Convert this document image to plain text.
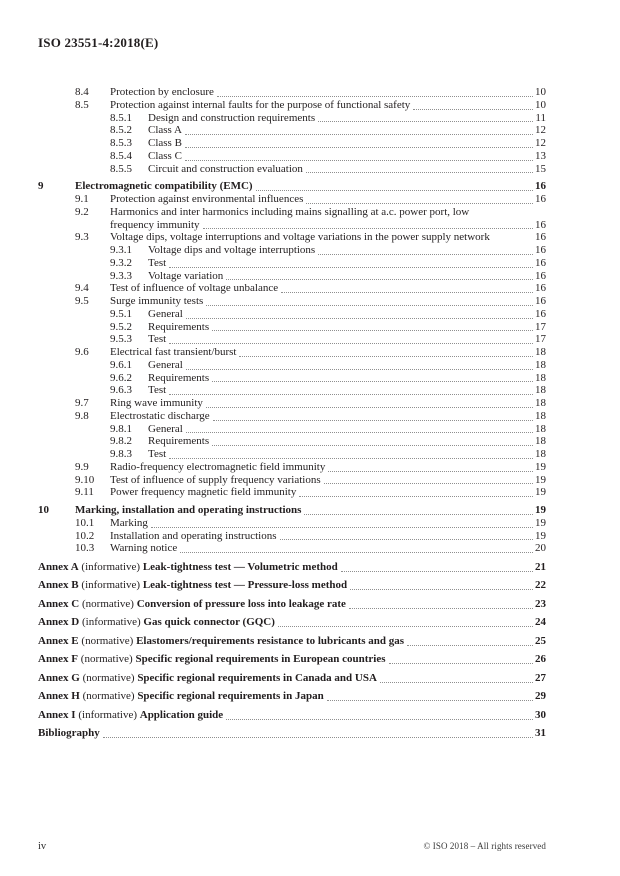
ISO 23551-4:2018(E)
8.4	Protection by enclosure	10
8.5	Protection against internal faults for the purpose of functional safety	10
8.5.1	Design and construction requirements	11
8.5.2	Class A	12
8.5.3	Class B	12
8.5.4	Class C	13
8.5.5	Circuit and construction evaluation	15
9	Electromagnetic compatibility (EMC)	16
9.1	Protection against environmental influences	16
9.2	Harmonics and inter harmonics including mains signalling at a.c. power port, low
frequency immunity	16
9.3	Voltage dips, voltage interruptions and voltage variations in the power supply network	16
9.3.1	Voltage dips and voltage interruptions	16
9.3.2	Test	16
9.3.3	Voltage variation	16
9.4	Test of influence of voltage unbalance	16
9.5	Surge immunity tests	16
9.5.1	General	16
9.5.2	Requirements	17
9.5.3	Test	17
9.6	Electrical fast transient/burst	18
9.6.1	General	18
9.6.2	Requirements	18
9.6.3	Test	18
9.7	Ring wave immunity	18
9.8	Electrostatic discharge	18
9.8.1	General	18
9.8.2	Requirements	18
9.8.3	Test	18
9.9	Radio-frequency electromagnetic field immunity	19
9.10	Test of influence of supply frequency variations	19
9.11	Power frequency magnetic field immunity	19
10	Marking, installation and operating instructions	19
10.1	Marking	19
10.2	Installation and operating instructions	19
10.3	Warning notice	20
Annex A (informative) Leak-tightness test — Volumetric method	21
Annex B (informative) Leak-tightness test — Pressure-loss method	22
Annex C (normative) Conversion of pressure loss into leakage rate	23
Annex D (informative) Gas quick connector (GQC)	24
Annex E (normative) Elastomers/requirements resistance to lubricants and gas	25
Annex F (normative) Specific regional requirements in European countries	26
Annex G (normative) Specific regional requirements in Canada and USA	27
Annex H (normative) Specific regional requirements in Japan	29
Annex I (informative) Application guide	30
Bibliography	31
iv	© ISO 2018 – All rights reserved
